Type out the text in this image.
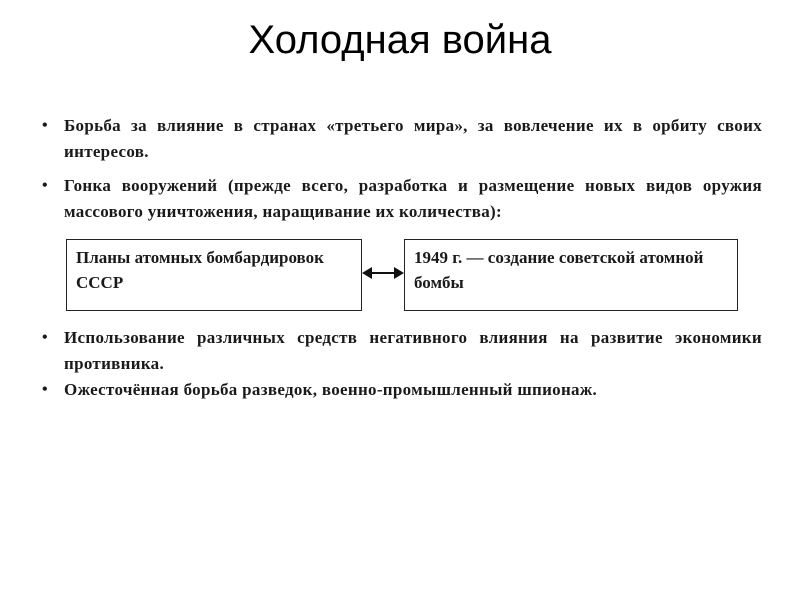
Холодная война

• Борьба за влияние в странах «третьего мира», за вовлечение их в орбиту своих интересов.

• Гонка вооружений (прежде всего, разработка и размещение новых видов оружия массового уничтожения, наращивание их количества):

Планы атомных бомбардировок СССР
1949 г. — создание советской атомной бомбы

• Использование различных средств негативного влияния на развитие экономики противника.

• Ожесточённая борьба разведок, военно-промышленный шпионаж.
